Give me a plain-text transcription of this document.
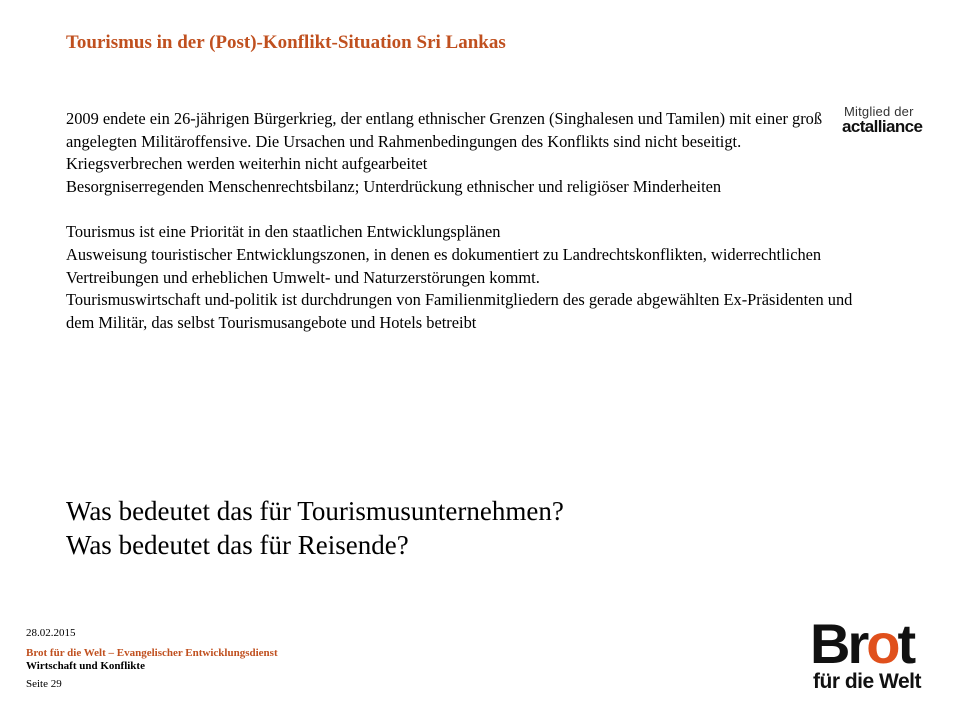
Tourismus in der (Post)-Konflikt-Situation Sri Lankas
Mitglied der
actalliance

2009 endete ein 26-jährigen Bürgerkrieg, der entlang ethnischer Grenzen (Singhalesen und Tamilen) mit einer groß angelegten Militäroffensive. Die Ursachen und Rahmenbedingungen des Konflikts sind nicht beseitigt.

Kriegsverbrechen werden weiterhin nicht aufgearbeitet

Besorgniserregenden Menschenrechtsbilanz; Unterdrückung ethnischer und religiöser Minderheiten

Tourismus ist eine Priorität in den staatlichen Entwicklungsplänen

Ausweisung touristischer Entwicklungszonen, in denen es dokumentiert zu Landrechtskonflikten, widerrechtlichen Vertreibungen und erheblichen Umwelt- und Naturzerstörungen kommt.

Tourismuswirtschaft und-politik ist durchdrungen von Familienmitgliedern des gerade abgewählten Ex-Präsidenten und dem Militär, das selbst Tourismusangebote und Hotels betreibt

Was bedeutet das für Tourismusunternehmen?

Was bedeutet das für Reisende?

28.02.2015
Brot für die Welt – Evangelischer Entwicklungsdienst
Wirtschaft und Konflikte
Seite 29
Brot
für die Welt
